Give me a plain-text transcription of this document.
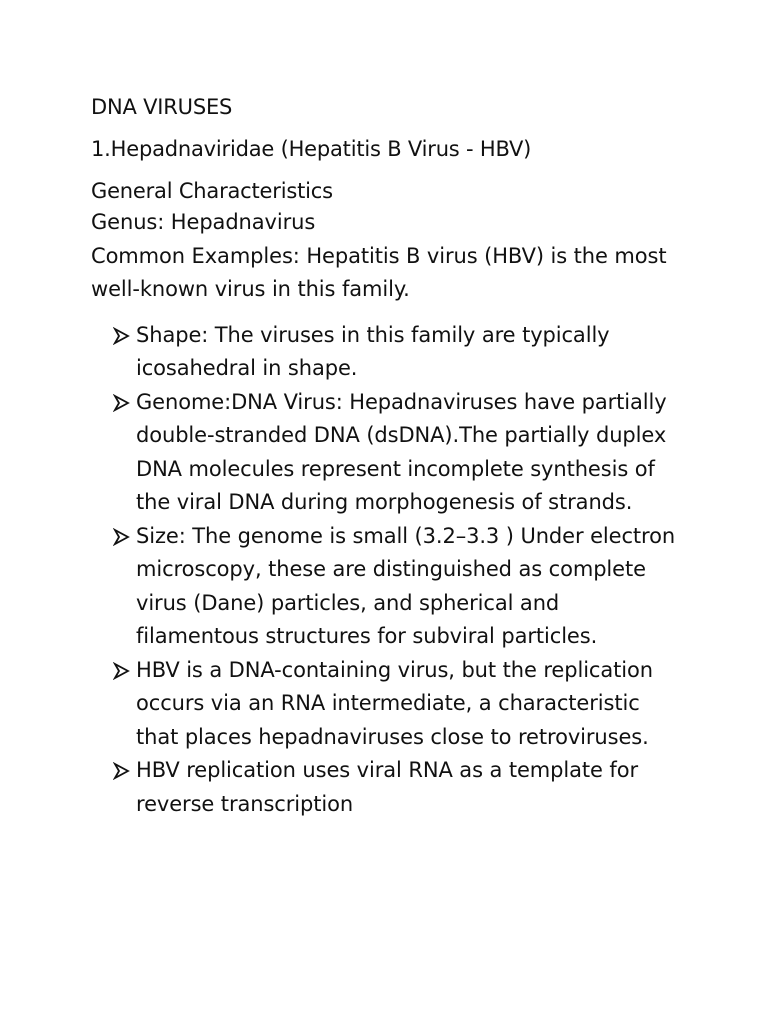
DNA VIRUSES
1.Hepadnaviridae (Hepatitis B Virus - HBV)
General Characteristics

Genus: Hepadnavirus

Common Examples: Hepatitis B virus (HBV) is the most well-known virus in this family.

Shape: The viruses in this family are typically icosahedral in shape.
Genome:DNA Virus: Hepadnaviruses have partially double-stranded DNA (dsDNA).The partially duplex DNA molecules represent incomplete synthesis of the viral DNA during morphogenesis of strands.
Size: The genome is small (3.2–3.3 ) Under electron microscopy, these are distinguished as complete virus (Dane) particles, and spherical and filamentous structures for subviral particles.
HBV is a DNA-containing virus, but the replication occurs via an RNA intermediate, a characteristic that places hepadnaviruses close to retroviruses.
HBV replication uses viral RNA as a template for reverse transcription
